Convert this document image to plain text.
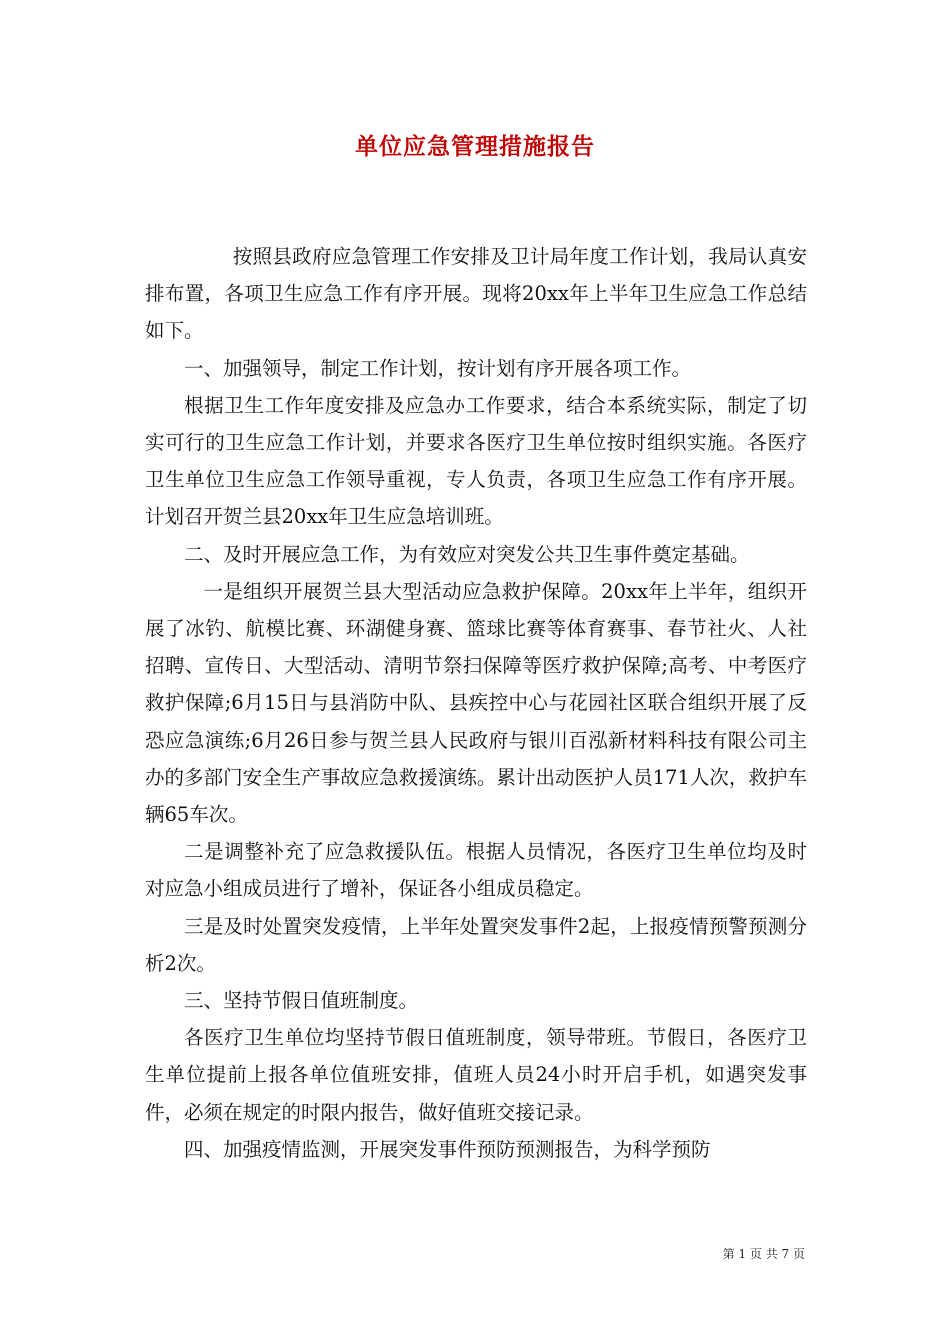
单位应急管理措施报告

按照县政府应急管理工作安排及卫计局年度工作计划，我局认真安排布置，各项卫生应急工作有序开展。现将20xx年上半年卫生应急工作总结如下。

一、加强领导，制定工作计划，按计划有序开展各项工作。

根据卫生工作年度安排及应急办工作要求，结合本系统实际，制定了切实可行的卫生应急工作计划，并要求各医疗卫生单位按时组织实施。各医疗卫生单位卫生应急工作领导重视，专人负责，各项卫生应急工作有序开展。计划召开贺兰县20xx年卫生应急培训班。

二、及时开展应急工作，为有效应对突发公共卫生事件奠定基础。

一是组织开展贺兰县大型活动应急救护保障。20xx年上半年，组织开展了冰钓、航模比赛、环湖健身赛、篮球比赛等体育赛事、春节社火、人社招聘、宣传日、大型活动、清明节祭扫保障等医疗救护保障;高考、中考医疗救护保障;6月15日与县消防中队、县疾控中心与花园社区联合组织开展了反恐应急演练;6月26日参与贺兰县人民政府与银川百泓新材料科技有限公司主办的多部门安全生产事故应急救援演练。累计出动医护人员171人次，救护车辆65车次。

二是调整补充了应急救援队伍。根据人员情况，各医疗卫生单位均及时对应急小组成员进行了增补，保证各小组成员稳定。

三是及时处置突发疫情，上半年处置突发事件2起，上报疫情预警预测分析2次。

三、坚持节假日值班制度。

各医疗卫生单位均坚持节假日值班制度，领导带班。节假日，各医疗卫生单位提前上报各单位值班安排，值班人员24小时开启手机，如遇突发事件，必须在规定的时限内报告，做好值班交接记录。

四、加强疫情监测，开展突发事件预防预测报告，为科学预防

第 1 页 共 7 页
